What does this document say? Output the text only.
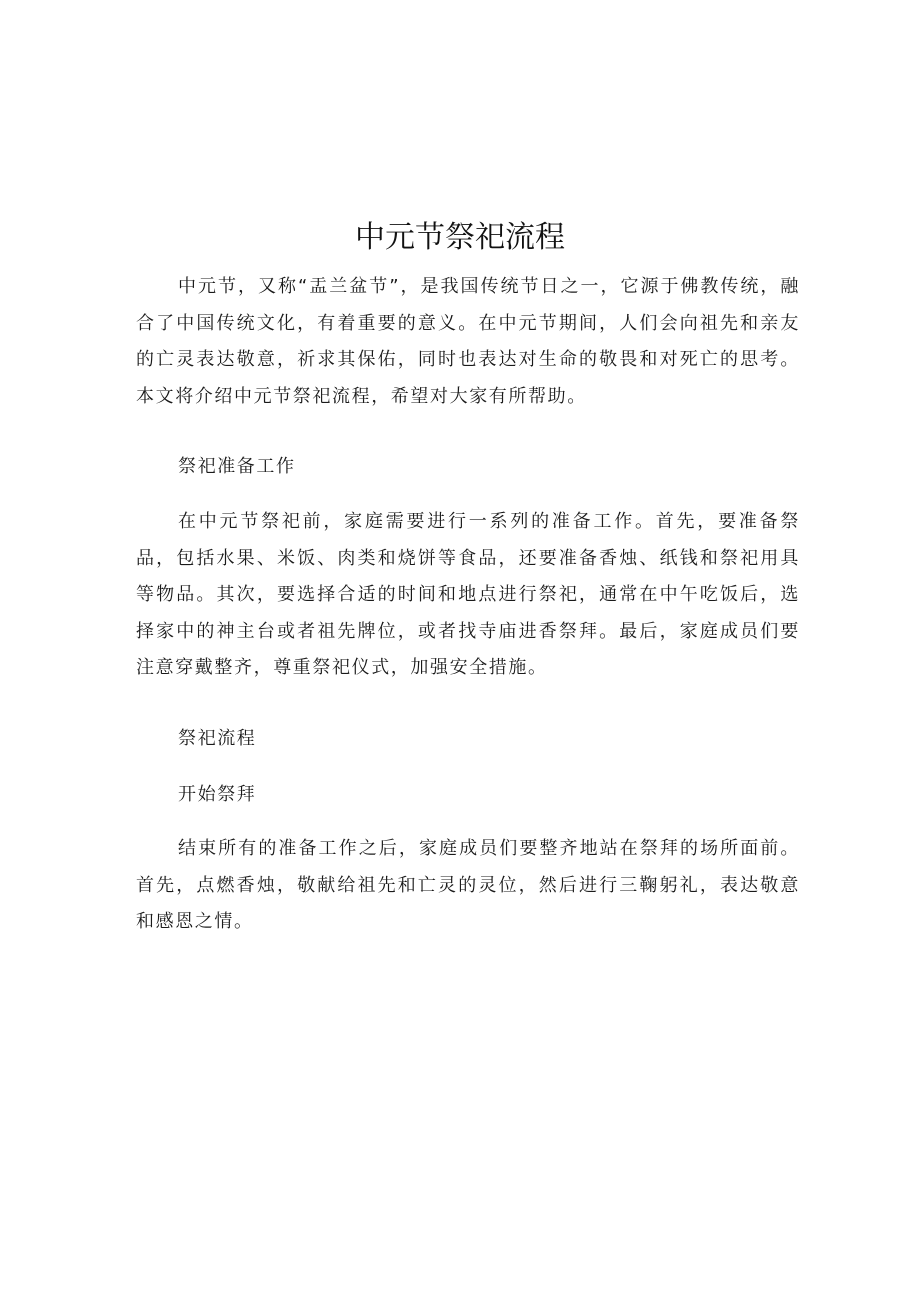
中元节祭祀流程

中元节，又称“盂兰盆节”，是我国传统节日之一，它源于佛教传统，融合了中国传统文化，有着重要的意义。在中元节期间，人们会向祖先和亲友的亡灵表达敬意，祈求其保佑，同时也表达对生命的敬畏和对死亡的思考。本文将介绍中元节祭祀流程，希望对大家有所帮助。

祭祀准备工作

在中元节祭祀前，家庭需要进行一系列的准备工作。首先，要准备祭品，包括水果、米饭、肉类和烧饼等食品，还要准备香烛、纸钱和祭祀用具等物品。其次，要选择合适的时间和地点进行祭祀，通常在中午吃饭后，选择家中的神主台或者祖先牌位，或者找寺庙进香祭拜。最后，家庭成员们要注意穿戴整齐，尊重祭祀仪式，加强安全措施。

祭祀流程

开始祭拜

结束所有的准备工作之后，家庭成员们要整齐地站在祭拜的场所面前。首先，点燃香烛，敬献给祖先和亡灵的灵位，然后进行三鞠躬礼，表达敬意和感恩之情。
